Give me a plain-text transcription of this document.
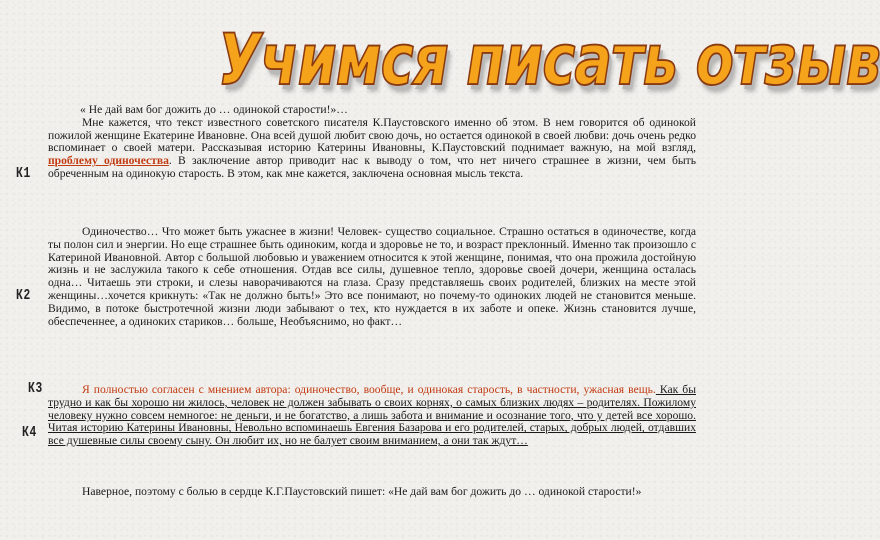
Учимся писать отзыв
К1
К2
К3
К4
« Не дай вам бог дожить до … одинокой старости!»…
Мне кажется, что текст известного советского писателя К.Паустовского именно об этом. В нем говорится об одинокой пожилой женщине Екатерине Ивановне. Она всей душой любит свою дочь, но остается одинокой в своей любви: дочь очень редко вспоминает о своей матери. Рассказывая историю Катерины Ивановны, К.Паустовский поднимает важную, на мой взгляд, проблему одиночества. В заключение автор приводит нас к выводу о том, что нет ничего страшнее в жизни, чем быть обреченным на одинокую старость. В этом, как мне кажется, заключена основная мысль текста.
Одиночество… Что может быть ужаснее в жизни! Человек- существо социальное. Страшно остаться в одиночестве, когда ты полон сил и энергии. Но еще страшнее быть одиноким, когда и здоровье не то, и возраст преклонный. Именно так произошло с Катериной Ивановной. Автор с большой любовью и уважением относится к этой женщине, понимая, что она прожила достойную жизнь и не заслужила такого к себе отношения. Отдав все силы, душевное тепло, здоровье своей дочери, женщина осталась одна… Читаешь эти строки, и слезы наворачиваются на глаза. Сразу представляешь своих родителей, близких на месте этой женщины…хочется крикнуть: «Так не должно быть!» Это все понимают, но почему-то одиноких людей не становится меньше. Видимо, в потоке быстротечной жизни люди забывают о тех, кто нуждается в их заботе и опеке. Жизнь становится лучше, обеспеченнее, а одиноких стариков… больше, Необъяснимо, но факт…
Я полностью согласен с мнением автора: одиночество, вообще, и одинокая старость, в частности, ужасная вещь. Как бы трудно и как бы хорошо ни жилось, человек не должен забывать о своих корнях, о самых близких людях – родителях. Пожилому человеку нужно совсем немногое: не деньги, и не богатство, а лишь забота и внимание и осознание того, что у детей все хорошо. Читая историю Катерины Ивановны, Невольно вспоминаешь Евгения Базарова и его родителей, старых, добрых людей, отдавших все душевные силы своему сыну. Он любит их, но не балует своим вниманием, а они так ждут…
Наверное, поэтому с болью в сердце К.Г.Паустовский пишет: «Не дай вам бог дожить до … одинокой старости!»
